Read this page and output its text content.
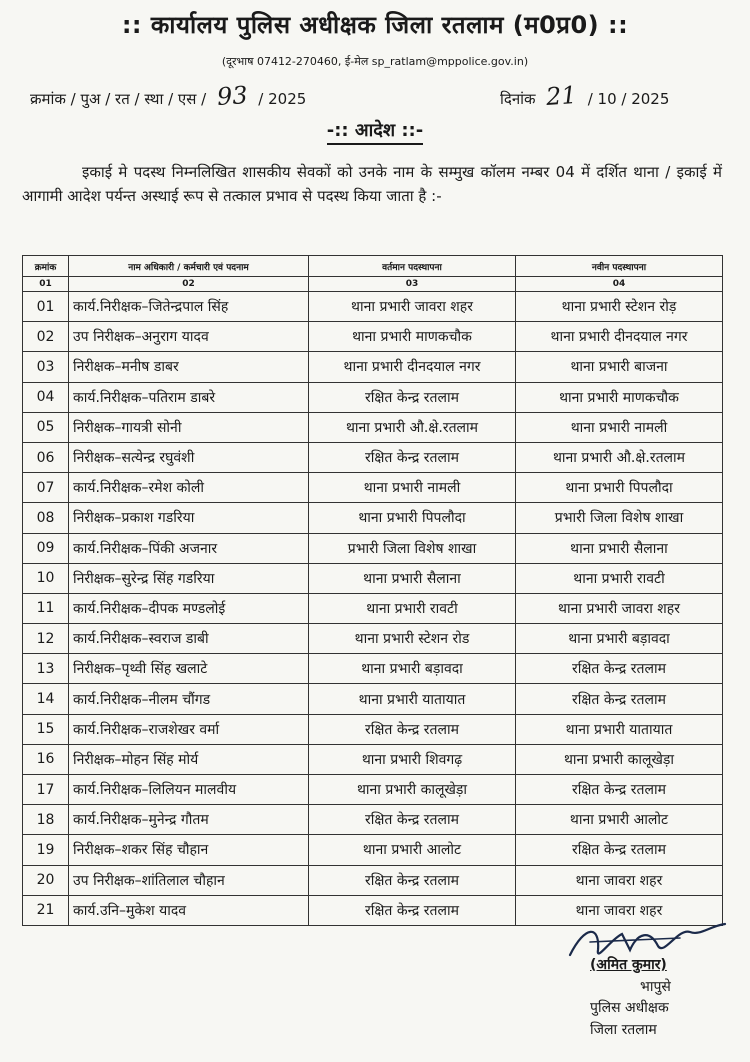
:: कार्यालय पुलिस अधीक्षक जिला रतलाम (म0प्र0) ::
(दूरभाष 07412-270460, ई-मेल sp_ratlam@mppolice.gov.in)
क्रमांक / पुअ / रत / स्था / एस / 93 / 2025	दिनांक 21 / 10 / 2025
-:: आदेश ::-
इकाई मे पदस्थ निम्नलिखित शासकीय सेवकों को उनके नाम के सम्मुख कॉलम नम्बर 04 में दर्शित थाना / इकाई में आगामी आदेश पर्यन्त अस्थाई रूप से तत्काल प्रभाव से पदस्थ किया जाता है :-
क्रमांक	नाम अधिकारी / कर्मचारी एवं पदनाम	वर्तमान पदस्थापना	नवीन पदस्थापना
01	02	03	04
01	कार्य.निरीक्षक–जितेन्द्रपाल सिंह	थाना प्रभारी जावरा शहर	थाना प्रभारी स्टेशन रोड़
02	उप निरीक्षक–अनुराग यादव	थाना प्रभारी माणकचौक	थाना प्रभारी दीनदयाल नगर
03	निरीक्षक–मनीष डाबर	थाना प्रभारी दीनदयाल नगर	थाना प्रभारी बाजना
04	कार्य.निरीक्षक–पतिराम डाबरे	रक्षित केन्द्र रतलाम	थाना प्रभारी माणकचौक
05	निरीक्षक–गायत्री सोनी	थाना प्रभारी औ.क्षे.रतलाम	थाना प्रभारी नामली
06	निरीक्षक–सत्येन्द्र रघुवंशी	रक्षित केन्द्र रतलाम	थाना प्रभारी औ.क्षे.रतलाम
07	कार्य.निरीक्षक–रमेश कोली	थाना प्रभारी नामली	थाना प्रभारी पिपलौदा
08	निरीक्षक–प्रकाश गडरिया	थाना प्रभारी पिपलौदा	प्रभारी जिला विशेष शाखा
09	कार्य.निरीक्षक–पिंकी अजनार	प्रभारी जिला विशेष शाखा	थाना प्रभारी सैलाना
10	निरीक्षक–सुरेन्द्र सिंह गडरिया	थाना प्रभारी सैलाना	थाना प्रभारी रावटी
11	कार्य.निरीक्षक–दीपक मण्डलोई	थाना प्रभारी रावटी	थाना प्रभारी जावरा शहर
12	कार्य.निरीक्षक–स्वराज डाबी	थाना प्रभारी स्टेशन रोड	थाना प्रभारी बड़ावदा
13	निरीक्षक–पृथ्वी सिंह खलाटे	थाना प्रभारी बड़ावदा	रक्षित केन्द्र रतलाम
14	कार्य.निरीक्षक–नीलम चौंगड	थाना प्रभारी यातायात	रक्षित केन्द्र रतलाम
15	कार्य.निरीक्षक–राजशेखर वर्मा	रक्षित केन्द्र रतलाम	थाना प्रभारी यातायात
16	निरीक्षक–मोहन सिंह मोर्य	थाना प्रभारी शिवगढ़	थाना प्रभारी कालूखेड़ा
17	कार्य.निरीक्षक–लिलियन मालवीय	थाना प्रभारी कालूखेड़ा	रक्षित केन्द्र रतलाम
18	कार्य.निरीक्षक–मुनेन्द्र गौतम	रक्षित केन्द्र रतलाम	थाना प्रभारी आलोट
19	निरीक्षक–शकर सिंह चौहान	थाना प्रभारी आलोट	रक्षित केन्द्र रतलाम
20	उप निरीक्षक–शांतिलाल चौहान	रक्षित केन्द्र रतलाम	थाना जावरा शहर
21	कार्य.उनि–मुकेश यादव	रक्षित केन्द्र रतलाम	थाना जावरा शहर
(अमित कुमार)
भापुसे
पुलिस अधीक्षक
जिला रतलाम
